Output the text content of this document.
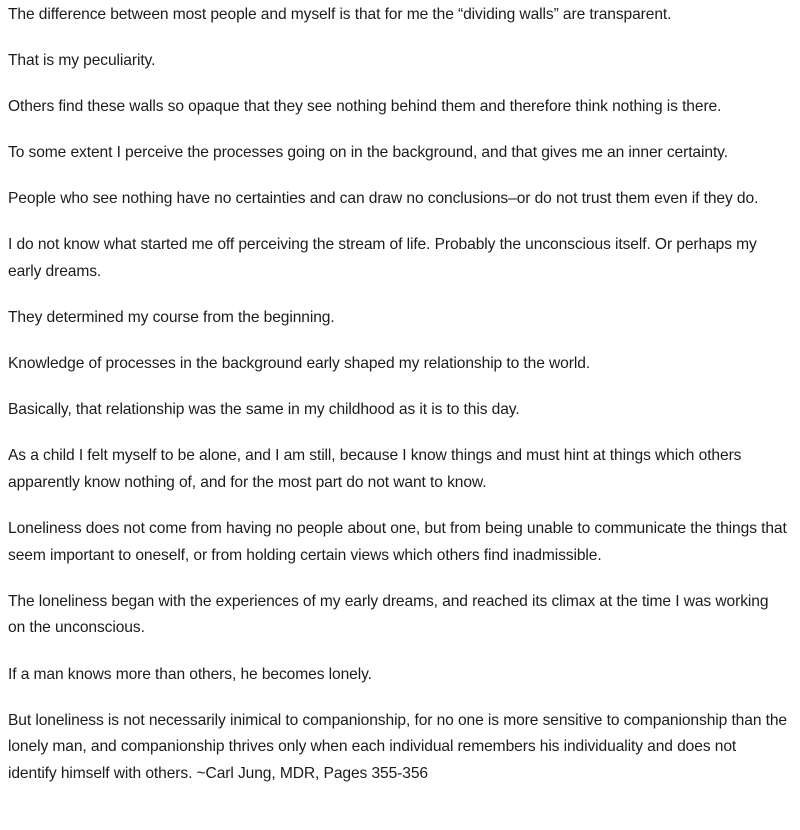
The difference between most people and myself is that for me the “dividing walls” are transparent.

That is my peculiarity.

Others find these walls so opaque that they see nothing behind them and therefore think nothing is there.

To some extent I perceive the processes going on in the background, and that gives me an inner certainty.

People who see nothing have no certainties and can draw no conclusions–or do not trust them even if they do.

I do not know what started me off perceiving the stream of life. Probably the unconscious itself. Or perhaps my early dreams.

They determined my course from the beginning.

Knowledge of processes in the background early shaped my relationship to the world.

Basically, that relationship was the same in my childhood as it is to this day.

As a child I felt myself to be alone, and I am still, because I know things and must hint at things which others apparently know nothing of, and for the most part do not want to know.

Loneliness does not come from having no people about one, but from being unable to communicate the things that seem important to oneself, or from holding certain views which others find inadmissible.

The loneliness began with the experiences of my early dreams, and reached its climax at the time I was working on the unconscious.

If a man knows more than others, he becomes lonely.

But loneliness is not necessarily inimical to companionship, for no one is more sensitive to companionship than the lonely man, and companionship thrives only when each individual remembers his individuality and does not identify himself with others. ~Carl Jung, MDR, Pages 355-356
